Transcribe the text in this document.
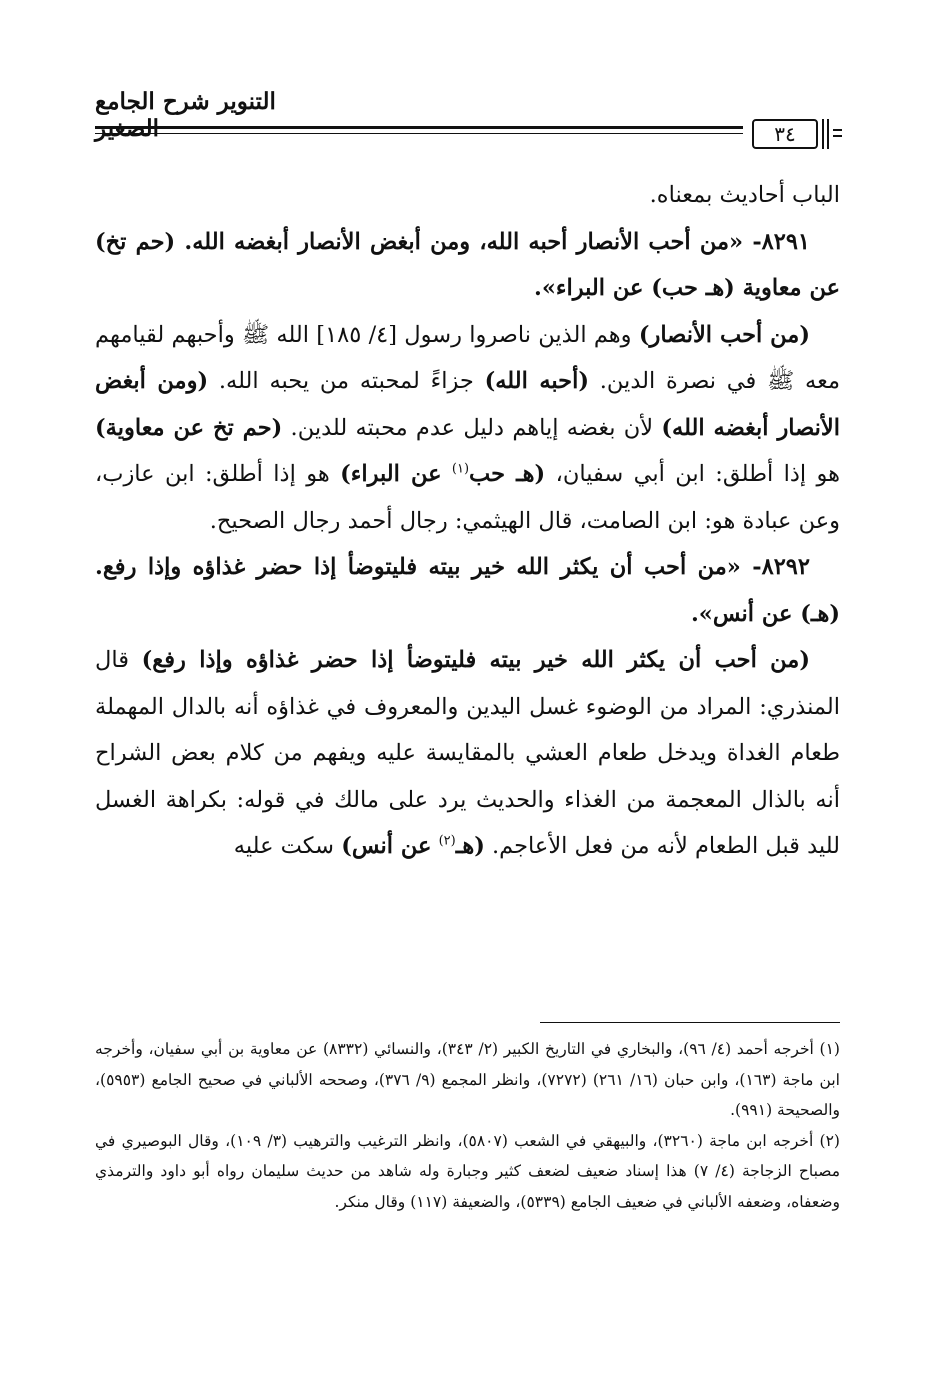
التنوير شرح الجامع
٣٤

الباب أحاديث بمعناه.

٨٢٩١- «من أحب الأنصار أحبه الله، ومن أبغض الأنصار أبغضه الله. (حم تخ) عن معاوية (هـ حب) عن البراء».

(من أحب الأنصار) وهم الذين ناصروا رسول [٤/ ١٨٥] الله ﷺ وأحبهم لقيامهم معه ﷺ في نصرة الدين. (أحبه الله) جزاءً لمحبته من يحبه الله. (ومن أبغض الأنصار أبغضه الله) لأن بغضه إياهم دليل عدم محبته للدين. (حم تخ عن معاوية) هو إذا أطلق: ابن أبي سفيان، (هـ حب$^{(١)}$ عن البراء) هو إذا أطلق: ابن عازب، وعن عبادة هو: ابن الصامت، قال الهيثمي: رجال أحمد رجال الصحيح.

٨٢٩٢- «من أحب أن يكثر الله خير بيته فليتوضأ إذا حضر غذاؤه وإذا رفع. (هـ) عن أنس».

(من أحب أن يكثر الله خير بيته فليتوضأ إذا حضر غذاؤه وإذا رفع) قال المنذري: المراد من الوضوء غسل اليدين والمعروف في غذاؤه أنه بالدال المهملة طعام الغداة ويدخل طعام العشي بالمقايسة عليه ويفهم من كلام بعض الشراح أنه بالذال المعجمة من الغذاء والحديث يرد على مالك في قوله: بكراهة الغسل لليد قبل الطعام لأنه من فعل الأعاجم. (هـ$^{(٢)}$ عن أنس) سكت عليه

(١) أخرجه أحمد (٤/ ٩٦)، والبخاري في التاريخ الكبير (٢/ ٣٤٣)، والنسائي (٨٣٣٢) عن معاوية بن أبي سفيان، وأخرجه ابن ماجة (١٦٣)، وابن حبان (١٦/ ٢٦١) (٧٢٧٢)، وانظر المجمع (٩/ ٣٧٦)، وصححه الألباني في صحيح الجامع (٥٩٥٣)، والصحيحة (٩٩١).

(٢) أخرجه ابن ماجة (٣٢٦٠)، والبيهقي في الشعب (٥٨٠٧)، وانظر الترغيب والترهيب (٣/ ١٠٩)، وقال البوصيري في مصباح الزجاجة (٤/ ٧) هذا إسناد ضعيف لضعف كثير وجبارة وله شاهد من حديث سليمان رواه أبو داود والترمذي وضعفاه، وضعفه الألباني في ضعيف الجامع (٥٣٣٩)، والضعيفة (١١٧) وقال منكر.
